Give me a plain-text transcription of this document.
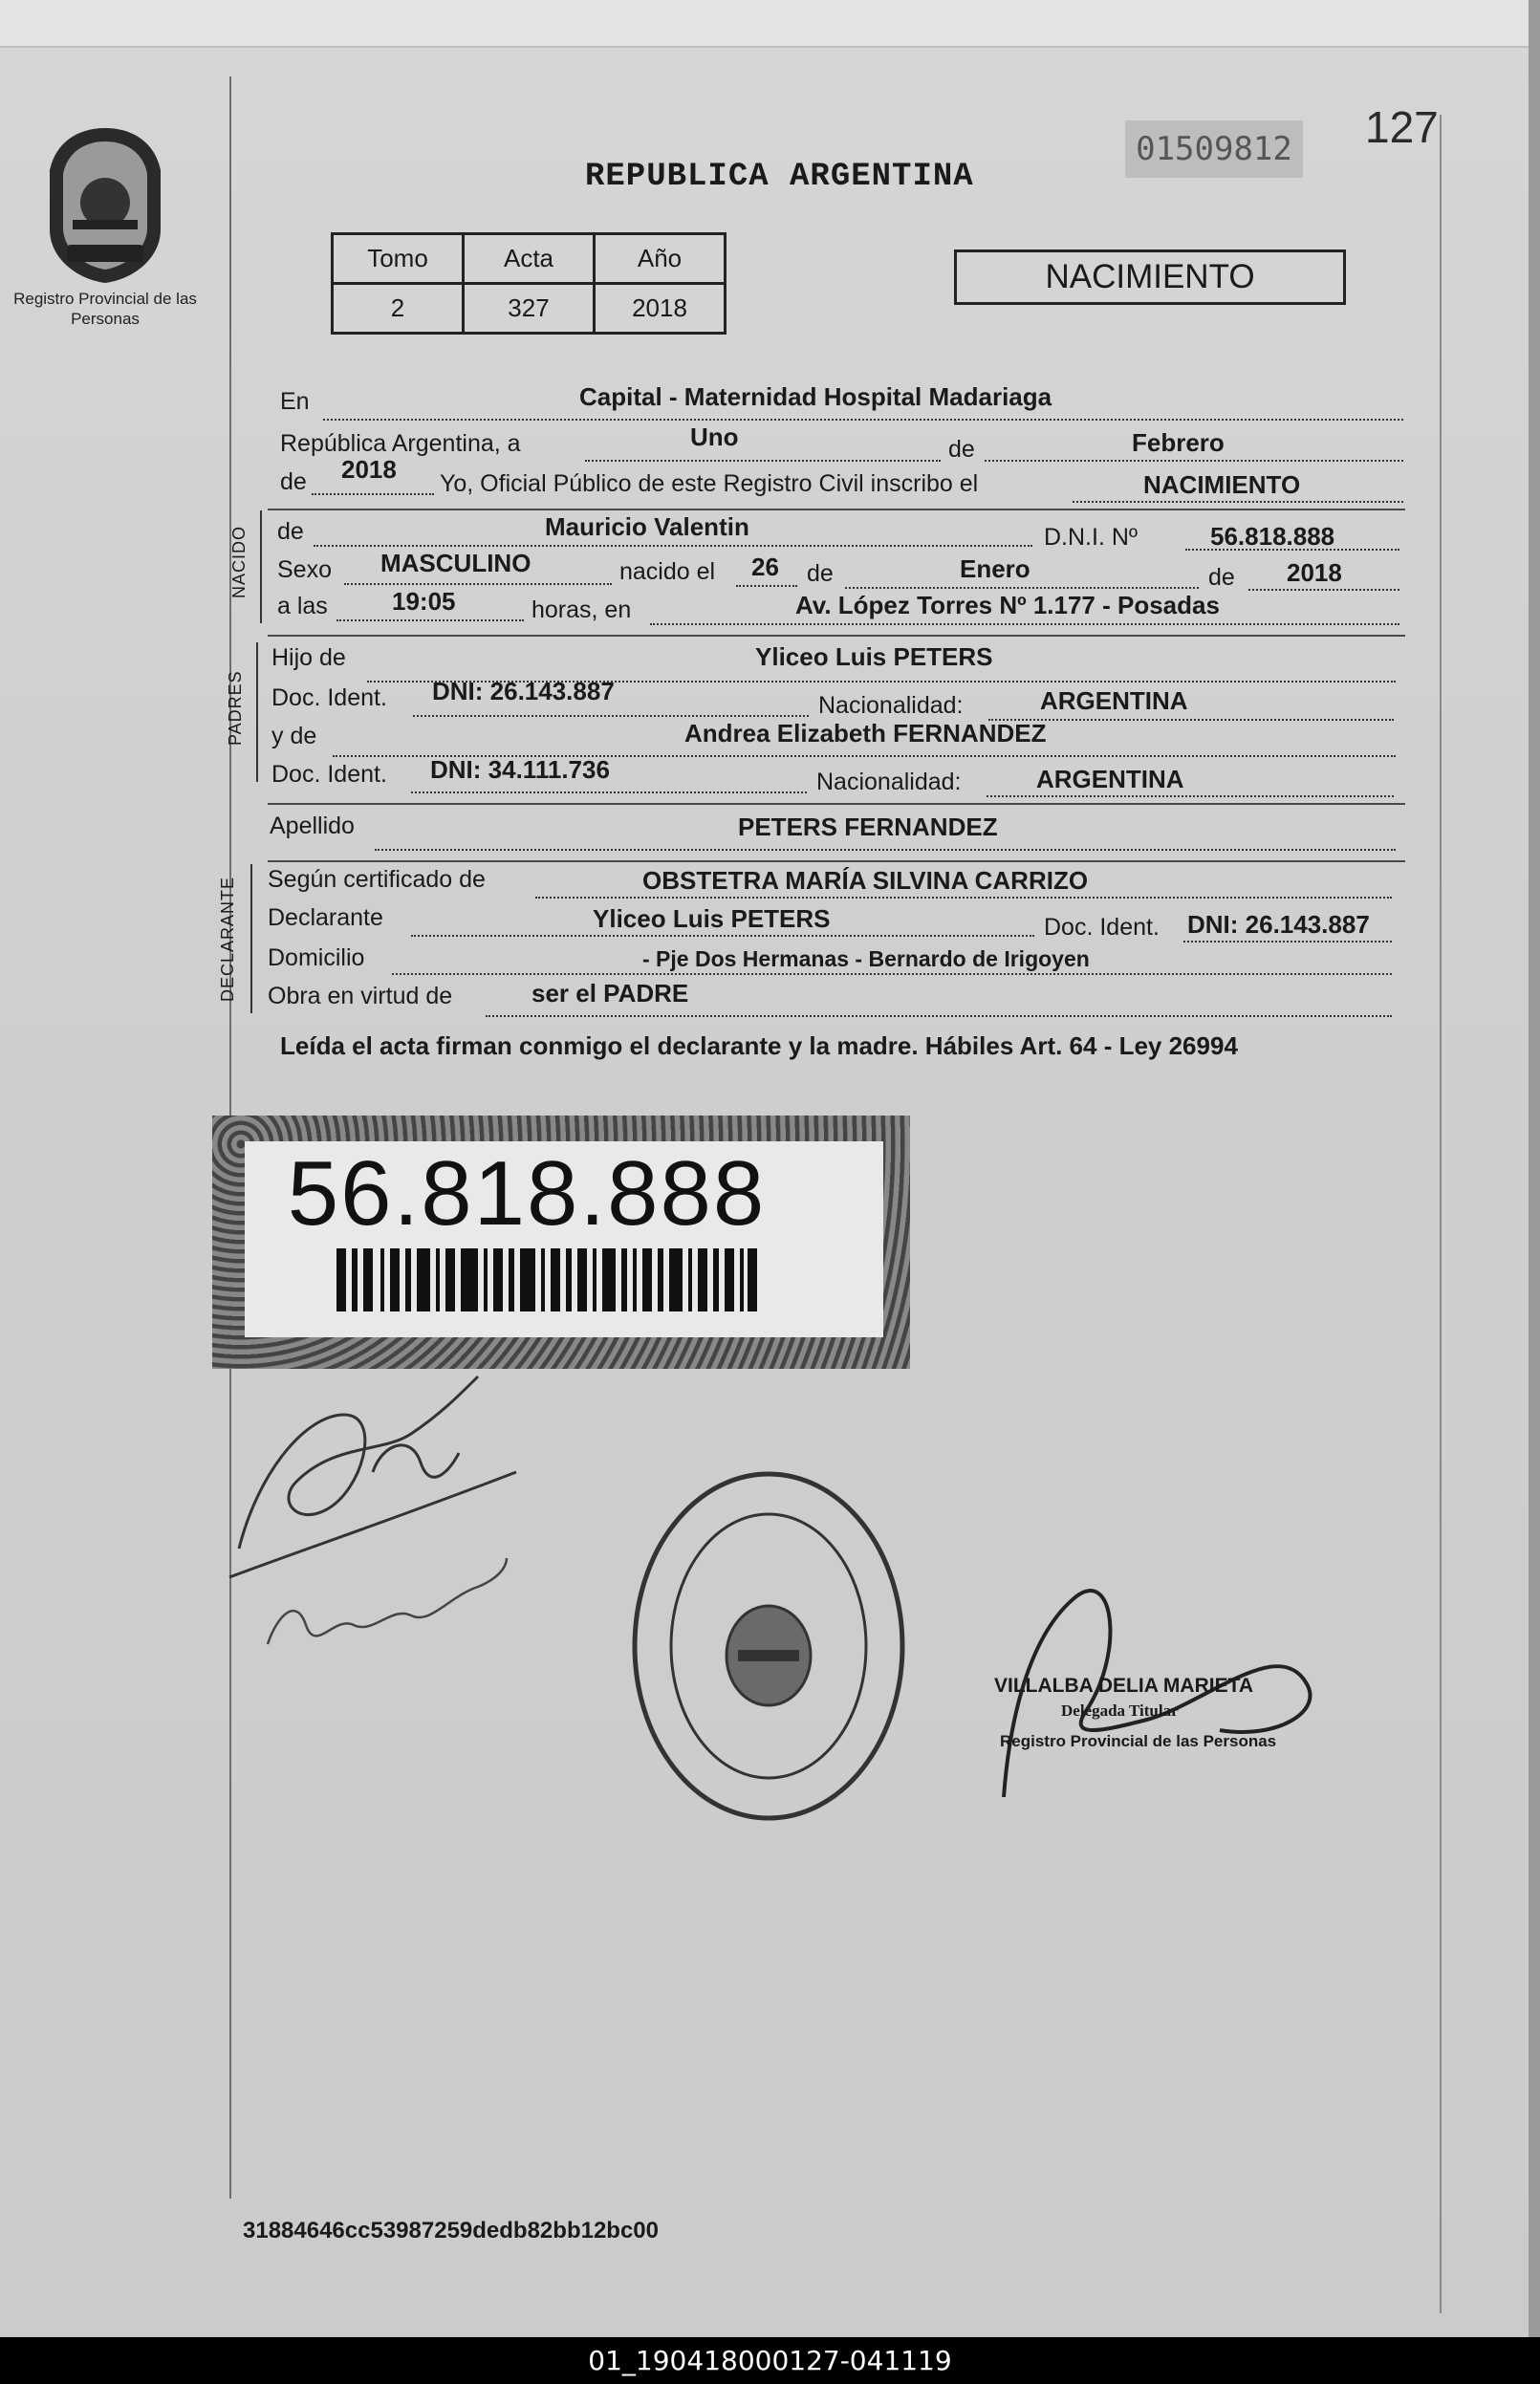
Registro Provincial de las Personas
REPUBLICA ARGENTINA
01509812 127
Tomo	Acta	Año
2	327	2018
NACIMIENTO
En	Capital - Maternidad Hospital Madariaga
República Argentina, a	Uno	de	Febrero
de 2018 Yo, Oficial Público de este Registro Civil inscribo el	NACIMIENTO
NACIDO de	Mauricio Valentin	D.N.I. Nº	56.818.888
Sexo MASCULINO	nacido el 26 de	Enero	de 2018
a las	19:05	horas, en	Av. López Torres Nº 1.177 - Posadas
PADRES
Hijo de	Yliceo Luis PETERS
Doc. Ident. DNI: 26.143.887	Nacionalidad:	ARGENTINA
y de	Andrea Elizabeth FERNANDEZ
Doc. Ident. DNI: 34.111.736	Nacionalidad:	ARGENTINA
Apellido	PETERS FERNANDEZ
DECLARANTE Según certificado de	OBSTETRA MARÍA SILVINA CARRIZO
Declarante	Yliceo Luis PETERS	Doc. Ident. DNI: 26.143.887
Domicilio	- Pje Dos Hermanas - Bernardo de Irigoyen
Obra en virtud de	ser el PADRE
Leída el acta firman conmigo el declarante y la madre. Hábiles Art. 64 - Ley 26994
56.818.888
VILLALBA DELIA MARIETA
Delegada Titular
Registro Provincial de las Personas
31884646cc53987259dedb82bb12bc00
01_190418000127-041119
